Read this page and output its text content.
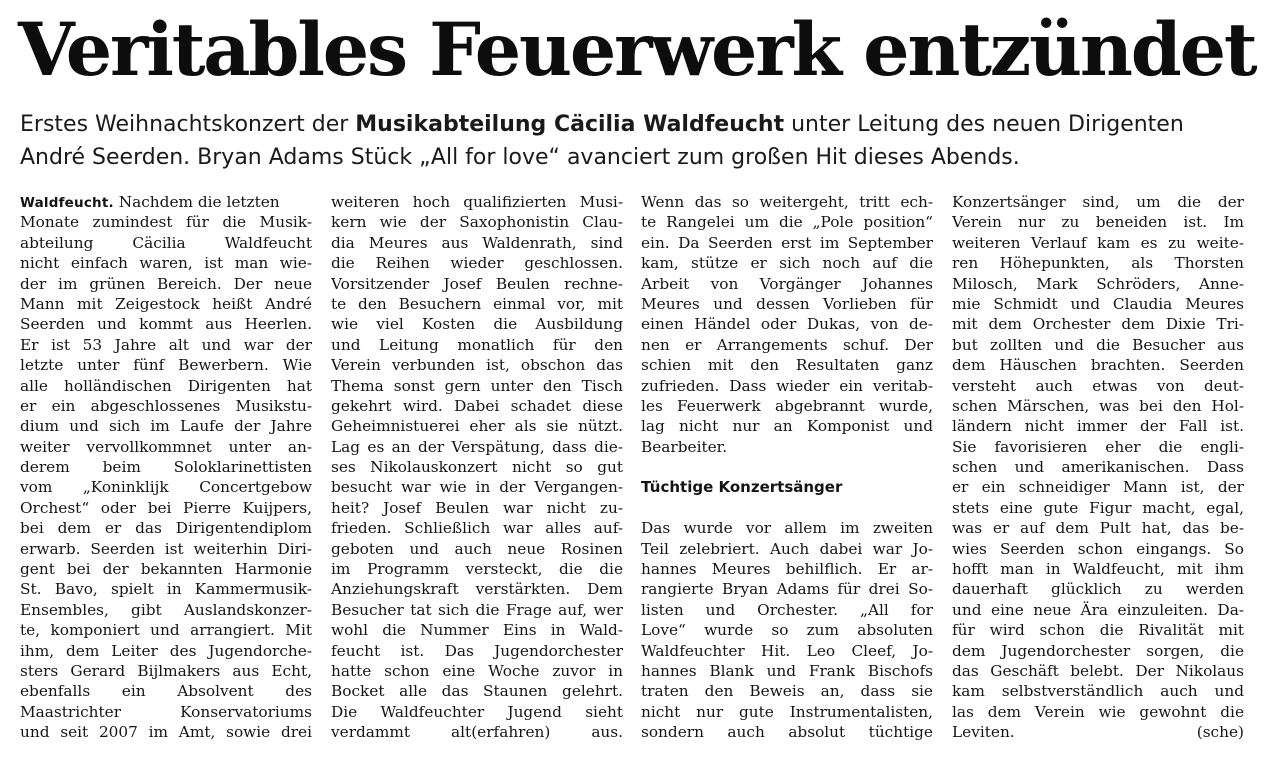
Veritables Feuerwerk entzündet

Erstes Weihnachtskonzert der Musikabteilung Cäcilia Waldfeucht unter Leitung des neuen Dirigenten
André Seerden. Bryan Adams Stück „All for love“ avanciert zum großen Hit dieses Abends.

Waldfeucht. Nachdem die letzten
Monate zumindest für die Musik-
abteilung Cäcilia Waldfeucht
nicht einfach waren, ist man wie-
der im grünen Bereich. Der neue
Mann mit Zeigestock heißt André
Seerden und kommt aus Heerlen.
Er ist 53 Jahre alt und war der
letzte unter fünf Bewerbern. Wie
alle holländischen Dirigenten hat
er ein abgeschlossenes Musikstu-
dium und sich im Laufe der Jahre
weiter vervollkommnet unter an-
derem beim Soloklarinettisten
vom „Koninklijk Concertgebow
Orchest“ oder bei Pierre Kuijpers,
bei dem er das Dirigentendiplom
erwarb. Seerden ist weiterhin Diri-
gent bei der bekannten Harmonie
St. Bavo, spielt in Kammermusik-
Ensembles, gibt Auslandskonzer-
te, komponiert und arrangiert. Mit
ihm, dem Leiter des Jugendorche-
sters Gerard Bijlmakers aus Echt,
ebenfalls ein Absolvent des
Maastrichter Konservatoriums
und seit 2007 im Amt, sowie drei
weiteren hoch qualifizierten Musi-
kern wie der Saxophonistin Clau-
dia Meures aus Waldenrath, sind
die Reihen wieder geschlossen.
Vorsitzender Josef Beulen rechne-
te den Besuchern einmal vor, mit
wie viel Kosten die Ausbildung
und Leitung monatlich für den
Verein verbunden ist, obschon das
Thema sonst gern unter den Tisch
gekehrt wird. Dabei schadet diese
Geheimnistuerei eher als sie nützt.
Lag es an der Verspätung, dass die-
ses Nikolauskonzert nicht so gut
besucht war wie in der Vergangen-
heit? Josef Beulen war nicht zu-
frieden. Schließlich war alles auf-
geboten und auch neue Rosinen
im Programm versteckt, die die
Anziehungskraft verstärkten. Dem
Besucher tat sich die Frage auf, wer
wohl die Nummer Eins in Wald-
feucht ist. Das Jugendorchester
hatte schon eine Woche zuvor in
Bocket alle das Staunen gelehrt.
Die Waldfeuchter Jugend sieht
verdammt alt(erfahren) aus.
Wenn das so weitergeht, tritt ech-
te Rangelei um die „Pole position“
ein. Da Seerden erst im September
kam, stütze er sich noch auf die
Arbeit von Vorgänger Johannes
Meures und dessen Vorlieben für
einen Händel oder Dukas, von de-
nen er Arrangements schuf. Der
schien mit den Resultaten ganz
zufrieden. Dass wieder ein veritab-
les Feuerwerk abgebrannt wurde,
lag nicht nur an Komponist und
Bearbeiter.
Tüchtige Konzertsänger
Das wurde vor allem im zweiten
Teil zelebriert. Auch dabei war Jo-
hannes Meures behilflich. Er ar-
rangierte Bryan Adams für drei So-
listen und Orchester. „All for
Love“ wurde so zum absoluten
Waldfeuchter Hit. Leo Cleef, Jo-
hannes Blank und Frank Bischofs
traten den Beweis an, dass sie
nicht nur gute Instrumentalisten,
sondern auch absolut tüchtige
Konzertsänger sind, um die der
Verein nur zu beneiden ist. Im
weiteren Verlauf kam es zu weite-
ren Höhepunkten, als Thorsten
Milosch, Mark Schröders, Anne-
mie Schmidt und Claudia Meures
mit dem Orchester dem Dixie Tri-
but zollten und die Besucher aus
dem Häuschen brachten. Seerden
versteht auch etwas von deut-
schen Märschen, was bei den Hol-
ländern nicht immer der Fall ist.
Sie favorisieren eher die engli-
schen und amerikanischen. Dass
er ein schneidiger Mann ist, der
stets eine gute Figur macht, egal,
was er auf dem Pult hat, das be-
wies Seerden schon eingangs. So
hofft man in Waldfeucht, mit ihm
dauerhaft glücklich zu werden
und eine neue Ära einzuleiten. Da-
für wird schon die Rivalität mit
dem Jugendorchester sorgen, die
das Geschäft belebt. Der Nikolaus
kam selbstverständlich auch und
las dem Verein wie gewohnt die
Leviten.	(sche)
